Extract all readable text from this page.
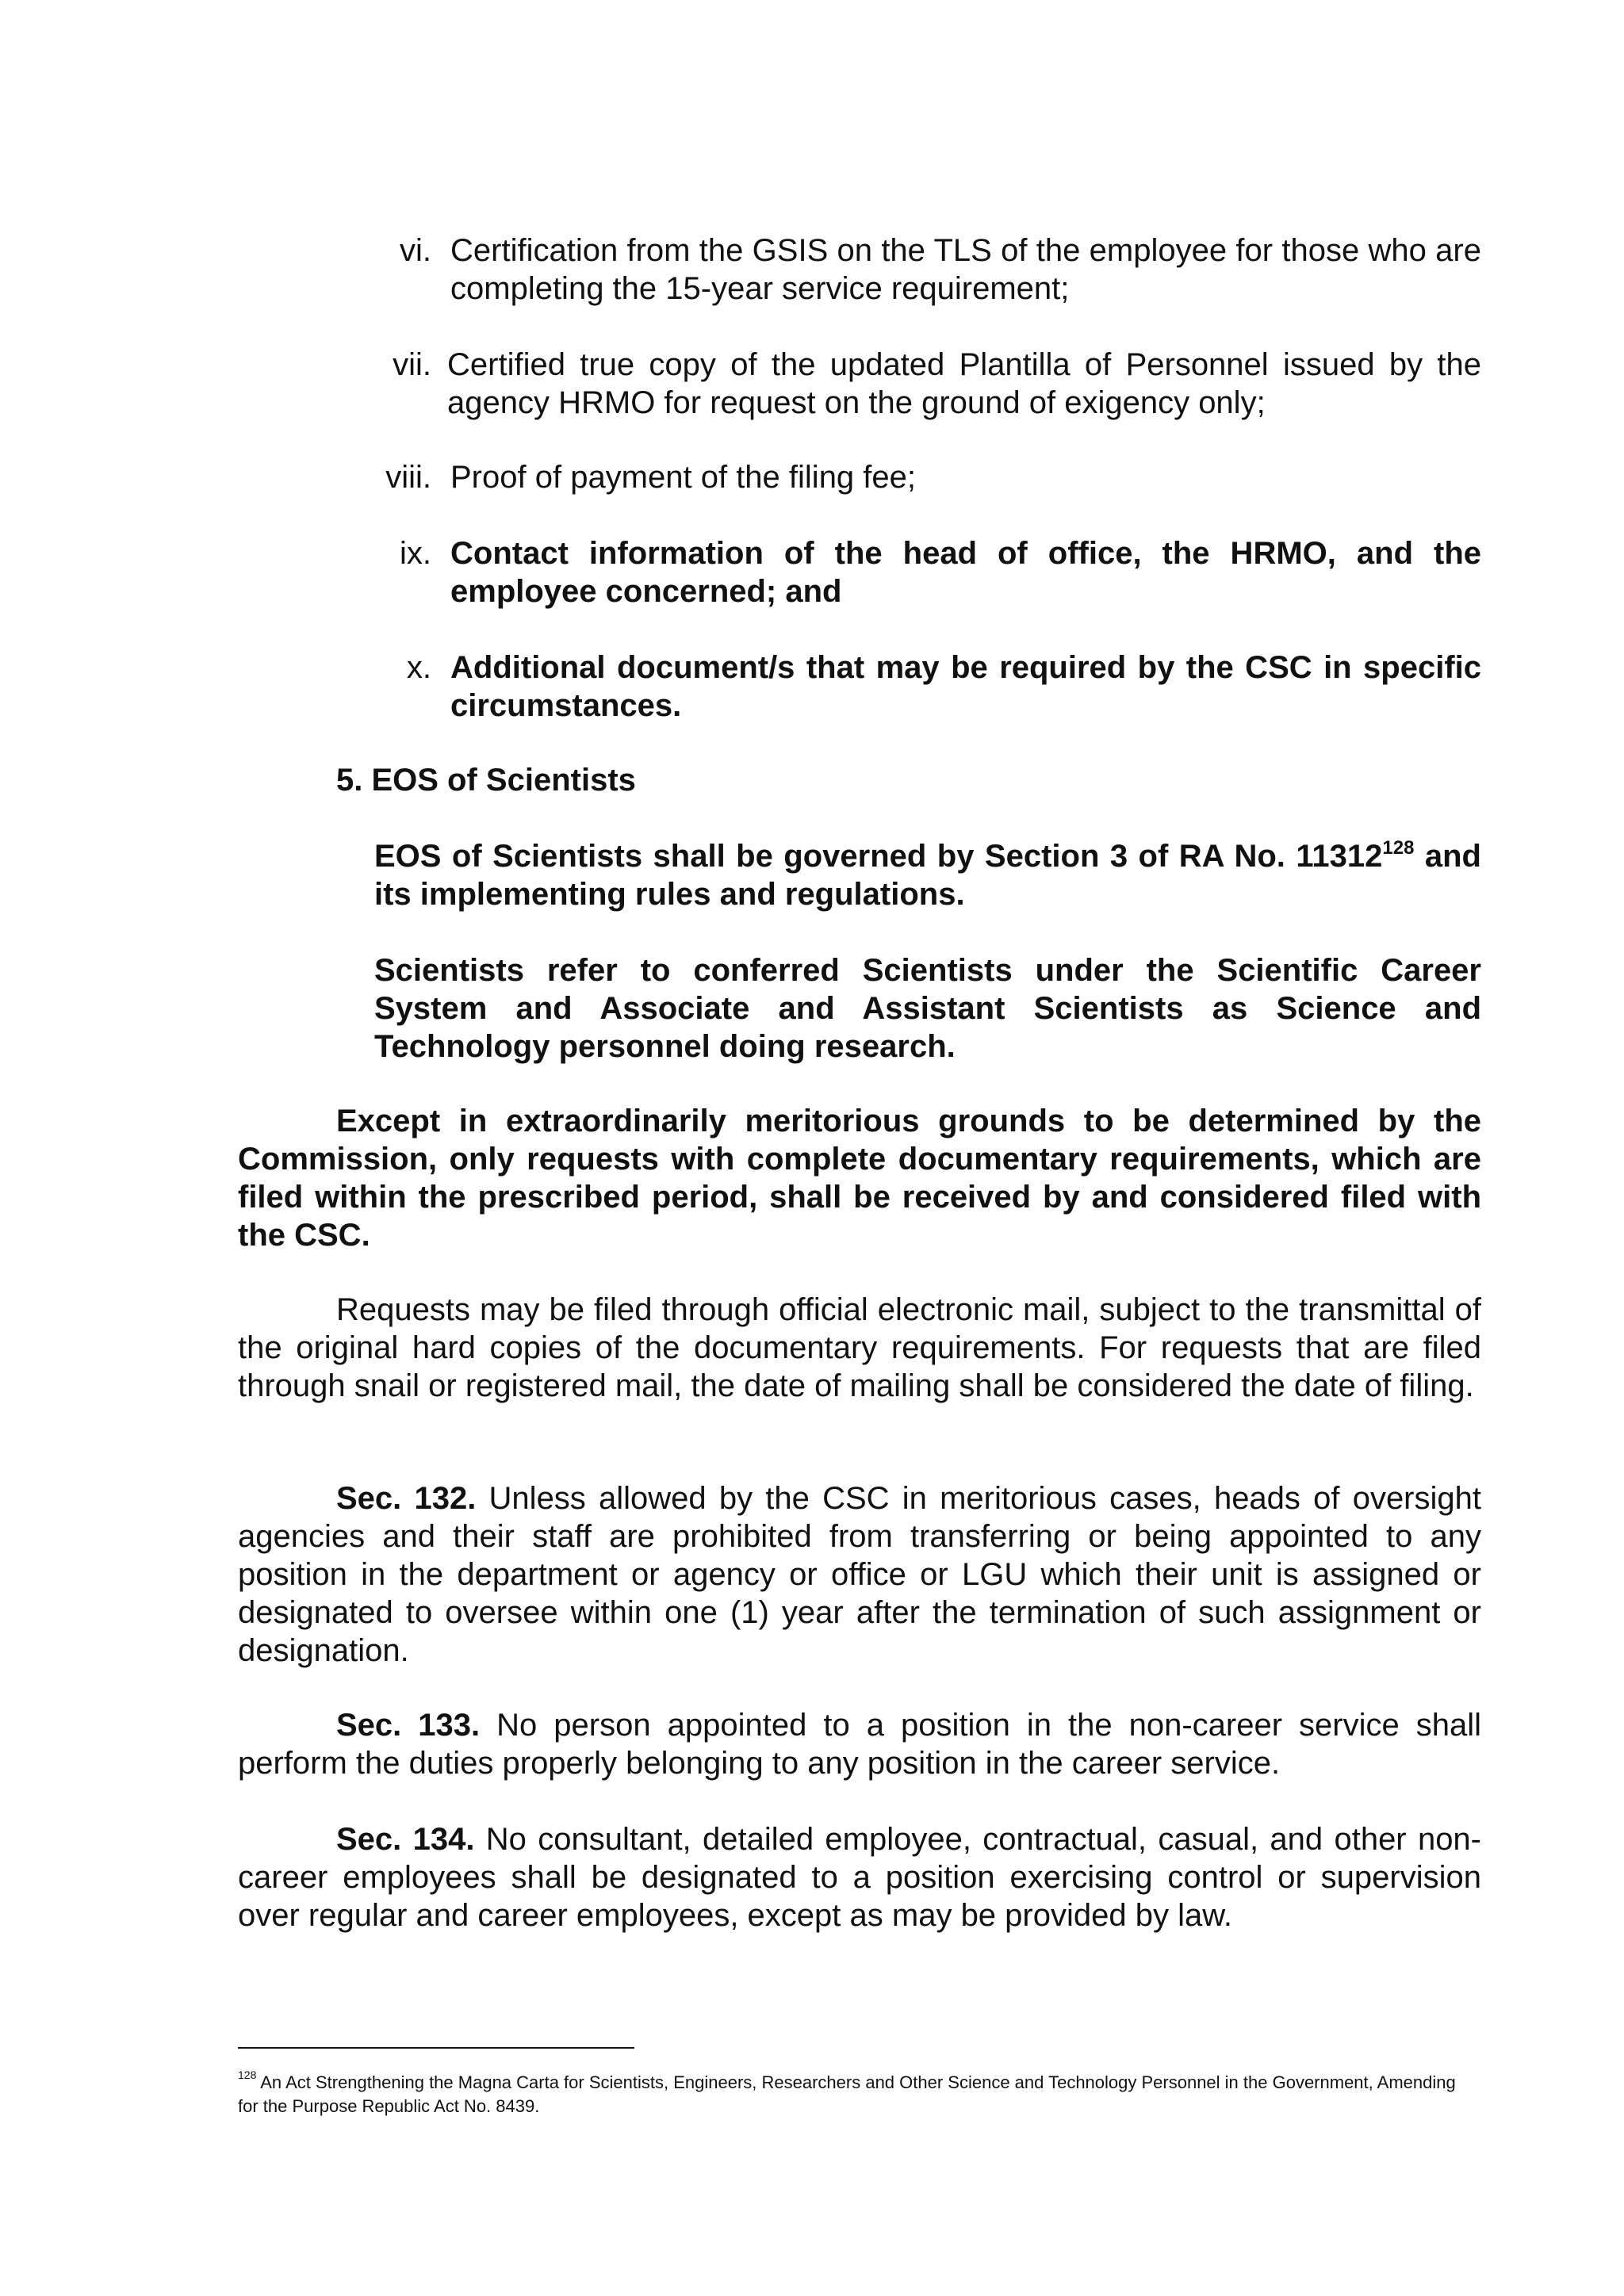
vi. Certification from the GSIS on the TLS of the employee for those who are completing the 15-year service requirement;

vii. Certified true copy of the updated Plantilla of Personnel issued by the agency HRMO for request on the ground of exigency only;

viii. Proof of payment of the filing fee;

ix. Contact information of the head of office, the HRMO, and the employee concerned; and

x. Additional document/s that may be required by the CSC in specific circumstances.

5. EOS of Scientists

EOS of Scientists shall be governed by Section 3 of RA No. 11312$^{128}$ and its implementing rules and regulations.

Scientists refer to conferred Scientists under the Scientific Career System and Associate and Assistant Scientists as Science and Technology personnel doing research.

Except in extraordinarily meritorious grounds to be determined by the Commission, only requests with complete documentary requirements, which are filed within the prescribed period, shall be received by and considered filed with the CSC.

Requests may be filed through official electronic mail, subject to the transmittal of the original hard copies of the documentary requirements. For requests that are filed through snail or registered mail, the date of mailing shall be considered the date of filing.

Sec. 132. Unless allowed by the CSC in meritorious cases, heads of oversight agencies and their staff are prohibited from transferring or being appointed to any position in the department or agency or office or LGU which their unit is assigned or designated to oversee within one (1) year after the termination of such assignment or designation.

Sec. 133. No person appointed to a position in the non-career service shall perform the duties properly belonging to any position in the career service.

Sec. 134. No consultant, detailed employee, contractual, casual, and other non-career employees shall be designated to a position exercising control or supervision over regular and career employees, except as may be provided by law.

$^{128}$ An Act Strengthening the Magna Carta for Scientists, Engineers, Researchers and Other Science and Technology Personnel in the Government, Amending for the Purpose Republic Act No. 8439.
